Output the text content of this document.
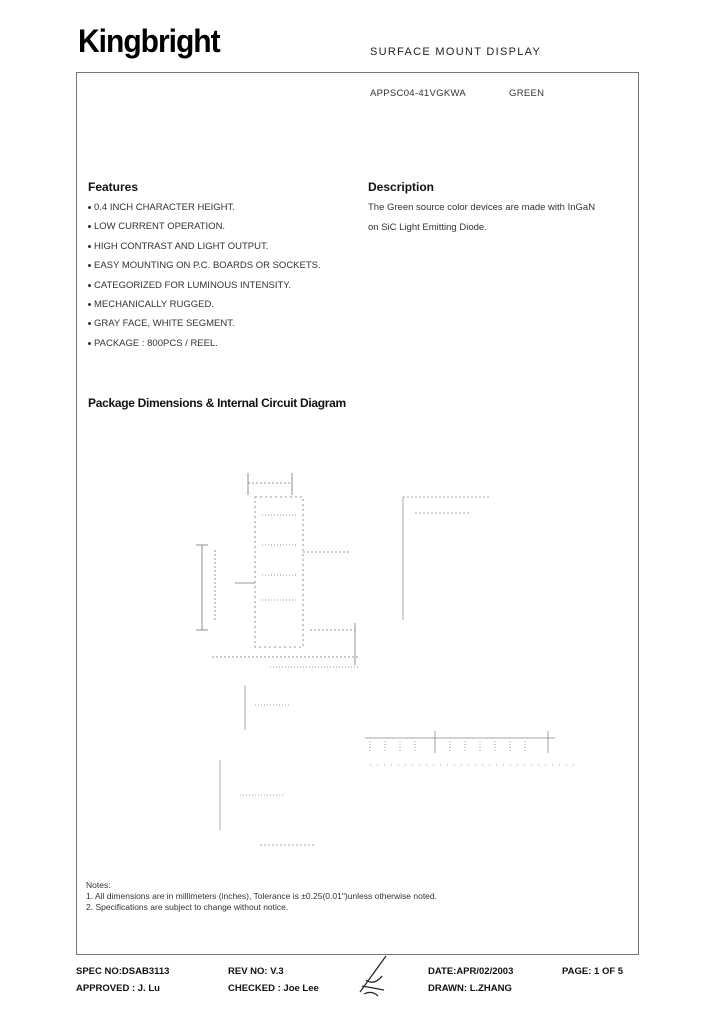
Kingbright	SURFACE MOUNT DISPLAY
APPSC04-41VGKWA	GREEN
Features
0.4 INCH CHARACTER HEIGHT.
LOW CURRENT OPERATION.
HIGH CONTRAST AND LIGHT OUTPUT.
EASY MOUNTING ON P.C. BOARDS OR SOCKETS.
CATEGORIZED FOR LUMINOUS INTENSITY.
MECHANICALLY RUGGED.
GRAY FACE, WHITE SEGMENT.
PACKAGE : 800PCS / REEL.
Description
The Green source color devices are made with InGaN
on SiC Light Emitting Diode.
Package Dimensions & Internal Circuit Diagram
Notes:
1. All dimensions are in millimeters (inches), Tolerance is ±0.25(0.01")unless otherwise noted.
2. Specifications are subject to change without notice.
SPEC NO:DSAB3113	REV NO: V.3	DATE:APR/02/2003	PAGE: 1 OF 5
APPROVED : J. Lu	CHECKED : Joe Lee	DRAWN: L.ZHANG
